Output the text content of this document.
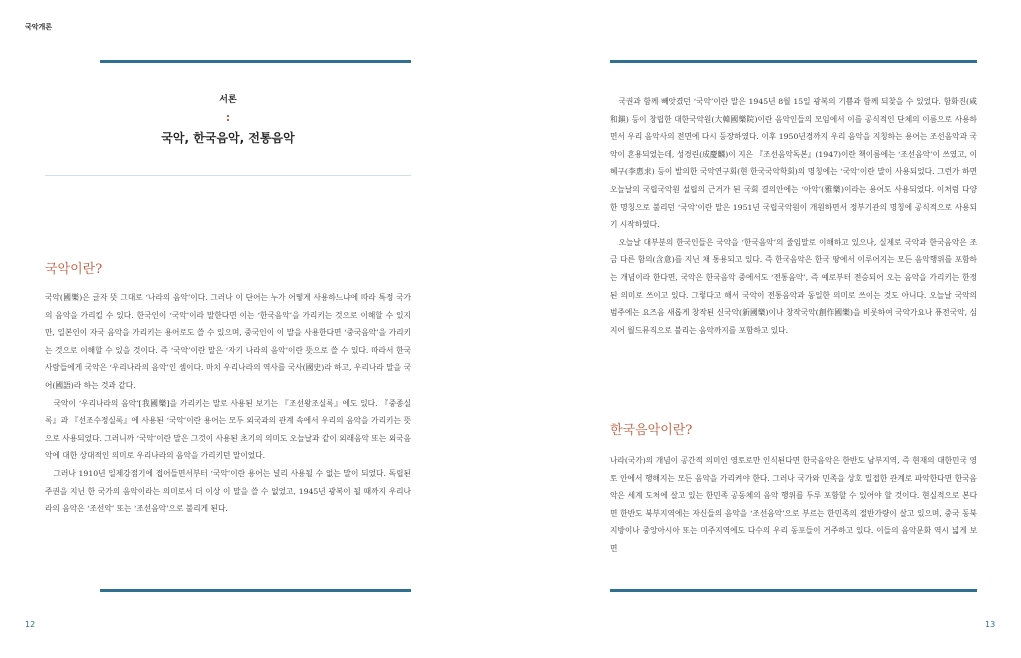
국악개론
서론
:
국악, 한국음악, 전통음악
국악이란?

국악(國樂)은 글자 뜻 그대로 ‘나라의 음악’이다. 그러나 이 단어는 누가 어떻게 사용하느냐에 따라 특정 국가의 음악을 가리킬 수 있다. 한국인이 ‘국악’이라 말한다면 이는 ‘한국음악’을 가리키는 것으로 이해할 수 있지만, 일본인이 자국 음악을 가리키는 용어로도 쓸 수 있으며, 중국인이 이 말을 사용한다면 ‘중국음악’을 가리키는 것으로 이해할 수 있을 것이다. 즉 ‘국악’이란 말은 ‘자기 나라의 음악’이란 뜻으로 쓸 수 있다. 따라서 한국 사람들에게 국악은 ‘우리나라의 음악’인 셈이다. 마치 우리나라의 역사를 국사(國史)라 하고, 우리나라 말을 국어(國語)라 하는 것과 같다.

국악이 ‘우리나라의 음악’[我國樂]을 가리키는 말로 사용된 보기는 『조선왕조실록』에도 있다. 『중종실록』과 『선조수정실록』에 사용된 ‘국악’이란 용어는 모두 외국과의 관계 속에서 우리의 음악을 가리키는 뜻으로 사용되었다. 그러니까 ‘국악’이란 말은 그것이 사용된 초기의 의미도 오늘날과 같이 외래음악 또는 외국음악에 대한 상대적인 의미로 우리나라의 음악을 가리키던 말이었다.

그러나 1910년 일제강점기에 접어들면서부터 ‘국악’이란 용어는 널리 사용될 수 없는 말이 되었다. 독립된 주권을 지닌 한 국가의 음악이라는 의미로서 더 이상 이 말을 쓸 수 없었고, 1945년 광복이 될 때까지 우리나라의 음악은 ‘조선악’ 또는 ‘조선음악’으로 불리게 된다.

국권과 함께 빼앗겼던 ‘국악’이란 말은 1945년 8월 15일 광복의 기쁨과 함께 되찾을 수 있었다. 함화진(咸和鎭) 등이 창립한 대한국악원(大韓國樂院)이란 음악인들의 모임에서 이를 공식적인 단체의 이름으로 사용하면서 우리 음악사의 전면에 다시 등장하였다. 이후 1950년경까지 우리 음악을 지칭하는 용어는 조선음악과 국악이 혼용되었는데, 성경린(成慶麟)이 지은 『조선음악독본』(1947)이란 책이름에는 ‘조선음악’이 쓰였고, 이혜구(李惠求) 등이 발의한 국악연구회(현 한국국악학회)의 명칭에는 ‘국악’이란 말이 사용되었다. 그런가 하면 오늘날의 국립국악원 설립의 근거가 된 국회 결의안에는 ‘아악’(雅樂)이라는 용어도 사용되었다. 이처럼 다양한 명칭으로 불리던 ‘국악’이란 말은 1951년 국립국악원이 개원하면서 정부기관의 명칭에 공식적으로 사용되기 시작하였다.

오늘날 대부분의 한국인들은 국악을 ‘한국음악’의 줄임말로 이해하고 있으나, 실제로 국악과 한국음악은 조금 다른 함의(含意)를 지닌 채 통용되고 있다. 즉 한국음악은 한국 땅에서 이루어지는 모든 음악행위를 포함하는 개념이라 한다면, 국악은 한국음악 중에서도 ‘전통음악’, 즉 예로부터 전승되어 오는 음악을 가리키는 한정된 의미로 쓰이고 있다. 그렇다고 해서 국악이 전통음악과 동일한 의미로 쓰이는 것도 아니다. 오늘날 국악의 범주에는 요즈음 새롭게 창작된 신국악(新國樂)이나 창작국악(創作國樂)을 비롯하여 국악가요나 퓨전국악, 심지어 월드뮤직으로 불리는 음악까지를 포함하고 있다.

한국음악이란?

나라(국가)의 개념이 공간적 의미인 영토로만 인식된다면 한국음악은 한반도 남부지역, 즉 현재의 대한민국 영토 안에서 행해지는 모든 음악을 가리켜야 한다. 그러나 국가와 민족을 상호 밀접한 관계로 파악한다면 한국음악은 세계 도처에 살고 있는 한민족 공동체의 음악 행위를 두루 포함할 수 있어야 할 것이다. 현실적으로 본다면 한반도 북부지역에는 자신들의 음악을 ‘조선음악’으로 부르는 한민족의 절반가량이 살고 있으며, 중국 동북지방이나 중앙아시아 또는 미주지역에도 다수의 우리 동포들이 거주하고 있다. 이들의 음악문화 역시 넓게 보면

12	13
